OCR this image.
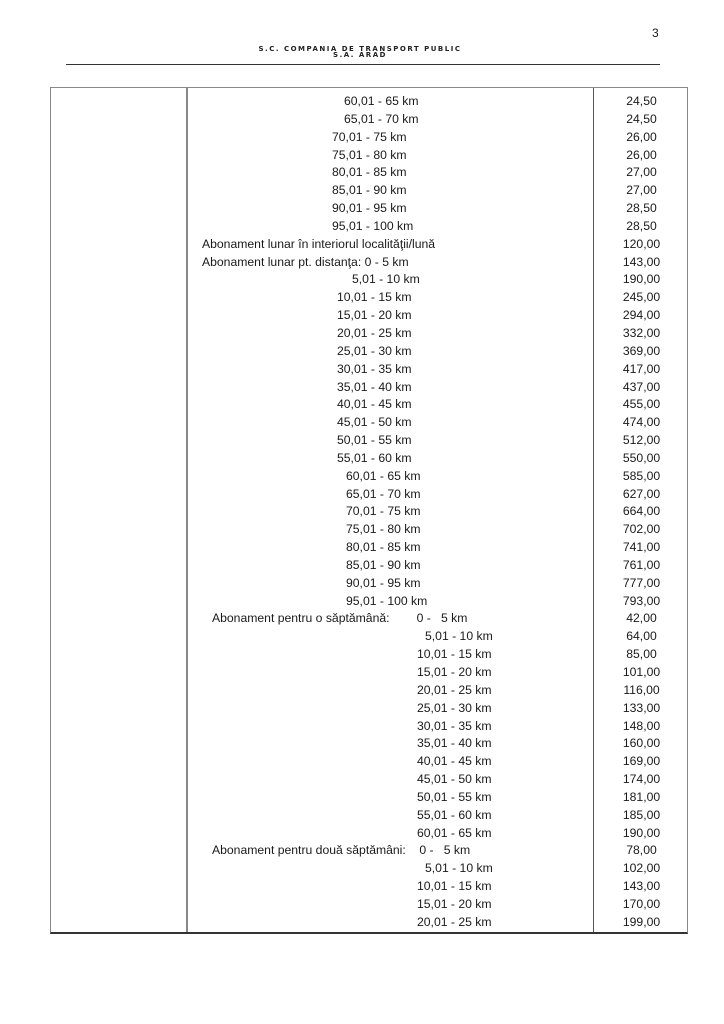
3
S.C. COMPANIA DE TRANSPORT PUBLIC
S.A. ARAD
60,01 - 65 km	24,50
65,01 - 70 km	24,50
70,01 - 75 km	26,00
75,01 - 80 km	26,00
80,01 - 85 km	27,00
85,01 - 90 km	27,00
90,01 - 95 km	28,50
95,01 - 100 km	28,50
Abonament lunar în interiorul localităţii/lună	120,00
Abonament lunar pt. distanţa: 0 - 5 km	143,00
5,01 - 10 km	190,00
10,01 - 15 km	245,00
15,01 - 20 km	294,00
20,01 - 25 km	332,00
25,01 - 30 km	369,00
30,01 - 35 km	417,00
35,01 - 40 km	437,00
40,01 - 45 km	455,00
45,01 - 50 km	474,00
50,01 - 55 km	512,00
55,01 - 60 km	550,00
60,01 - 65 km	585,00
65,01 - 70 km	627,00
70,01 - 75 km	664,00
75,01 - 80 km	702,00
80,01 - 85 km	741,00
85,01 - 90 km	761,00
90,01 - 95 km	777,00
95,01 - 100 km	793,00
Abonament pentru o săptămână:        0 -   5 km	42,00
5,01 - 10 km	64,00
10,01 - 15 km	85,00
15,01 - 20 km	101,00
20,01 - 25 km	116,00
25,01 - 30 km	133,00
30,01 - 35 km	148,00
35,01 - 40 km	160,00
40,01 - 45 km	169,00
45,01 - 50 km	174,00
50,01 - 55 km	181,00
55,01 - 60 km	185,00
60,01 - 65 km	190,00
Abonament pentru două săptămâni:    0 -   5 km	78,00
5,01 - 10 km	102,00
10,01 - 15 km	143,00
15,01 - 20 km	170,00
20,01 - 25 km	199,00
